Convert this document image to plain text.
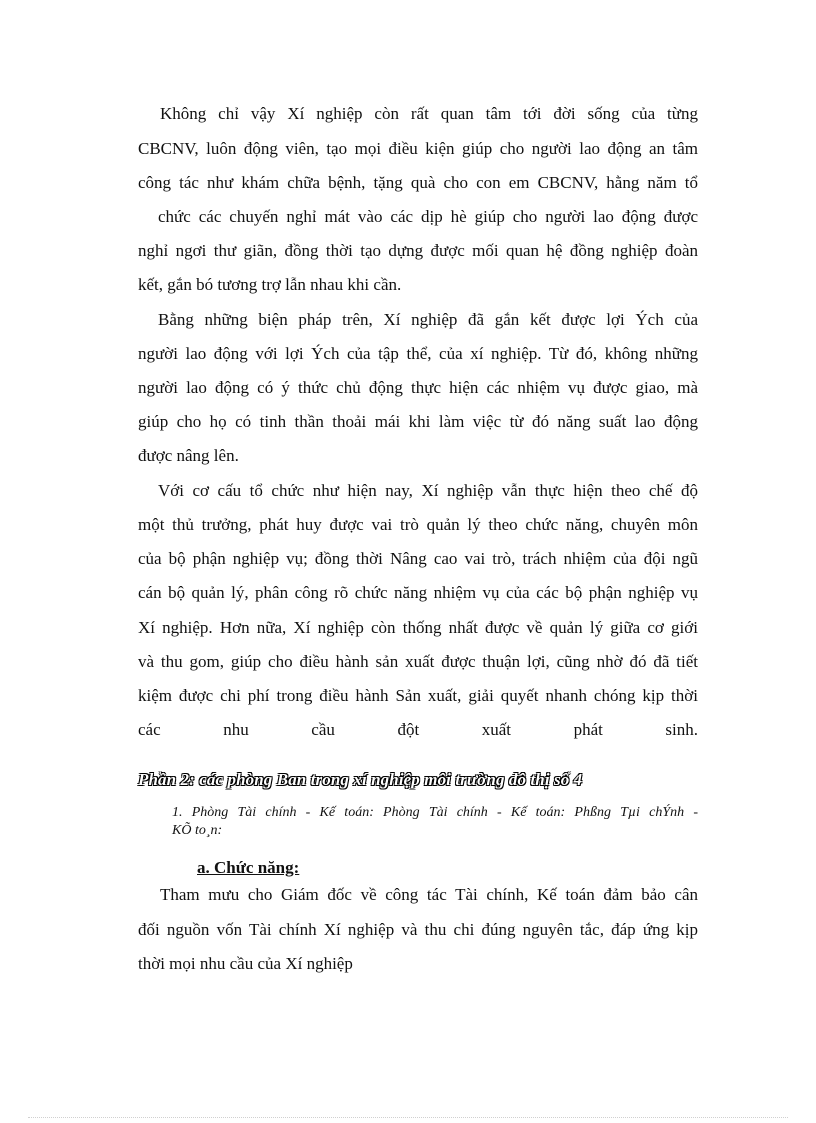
Không chỉ vậy Xí nghiệp còn rất quan tâm tới đời sống của từng
CBCNV, luôn động viên, tạo mọi điều kiện giúp cho người lao động an tâm
công tác như khám chữa bệnh, tặng quà cho con em CBCNV, hằng năm tổ
chức các chuyến nghỉ mát vào các dịp hè giúp cho người lao động được
nghỉ ngơi thư giãn, đồng thời tạo dựng được mối quan hệ đồng nghiệp đoàn
kết, gắn bó tương trợ lẫn nhau khi cần.
Bằng những biện pháp trên, Xí nghiệp đã gắn kết được lợi Ých của
người lao động với lợi Ých của tập thể, của xí nghiệp. Từ đó, không những
người lao động có ý thức chủ động thực hiện các nhiệm vụ được giao, mà
giúp cho họ có tinh thần thoải mái khi làm việc từ đó năng suất lao động
được nâng lên.
Với cơ cấu tổ chức như hiện nay, Xí nghiệp vẫn thực hiện theo chế độ
một thủ trưởng, phát huy được vai trò quản lý theo chức năng, chuyên môn
của bộ phận nghiệp vụ; đồng thời Nâng cao vai trò, trách nhiệm của đội ngũ
cán bộ quản lý, phân công rõ chức năng nhiệm vụ của các bộ phận nghiệp vụ
Xí nghiệp. Hơn nữa, Xí nghiệp còn thống nhất được về quản lý giữa cơ giới
và thu gom, giúp cho điều hành sản xuất được thuận lợi, cũng nhờ đó đã tiết
kiệm được chi phí trong điều hành Sản xuất, giải quyết nhanh chóng kịp thời
các nhu cầu đột xuất phát sinh.
Phần 2: các phòng Ban trong xí nghiệp môi trường đô thị số 4
1. Phòng Tài chính - Kế toán: Phòng Tài chính - Kế toán: Phßng Tµi chÝnh -
KÕ to¸n:
a. Chức năng:
Tham mưu cho Giám đốc về công tác Tài chính, Kế toán đảm bảo cân
đối nguồn vốn Tài chính Xí nghiệp và thu chi đúng nguyên tắc, đáp ứng kịp
thời mọi nhu cầu của Xí nghiệp
